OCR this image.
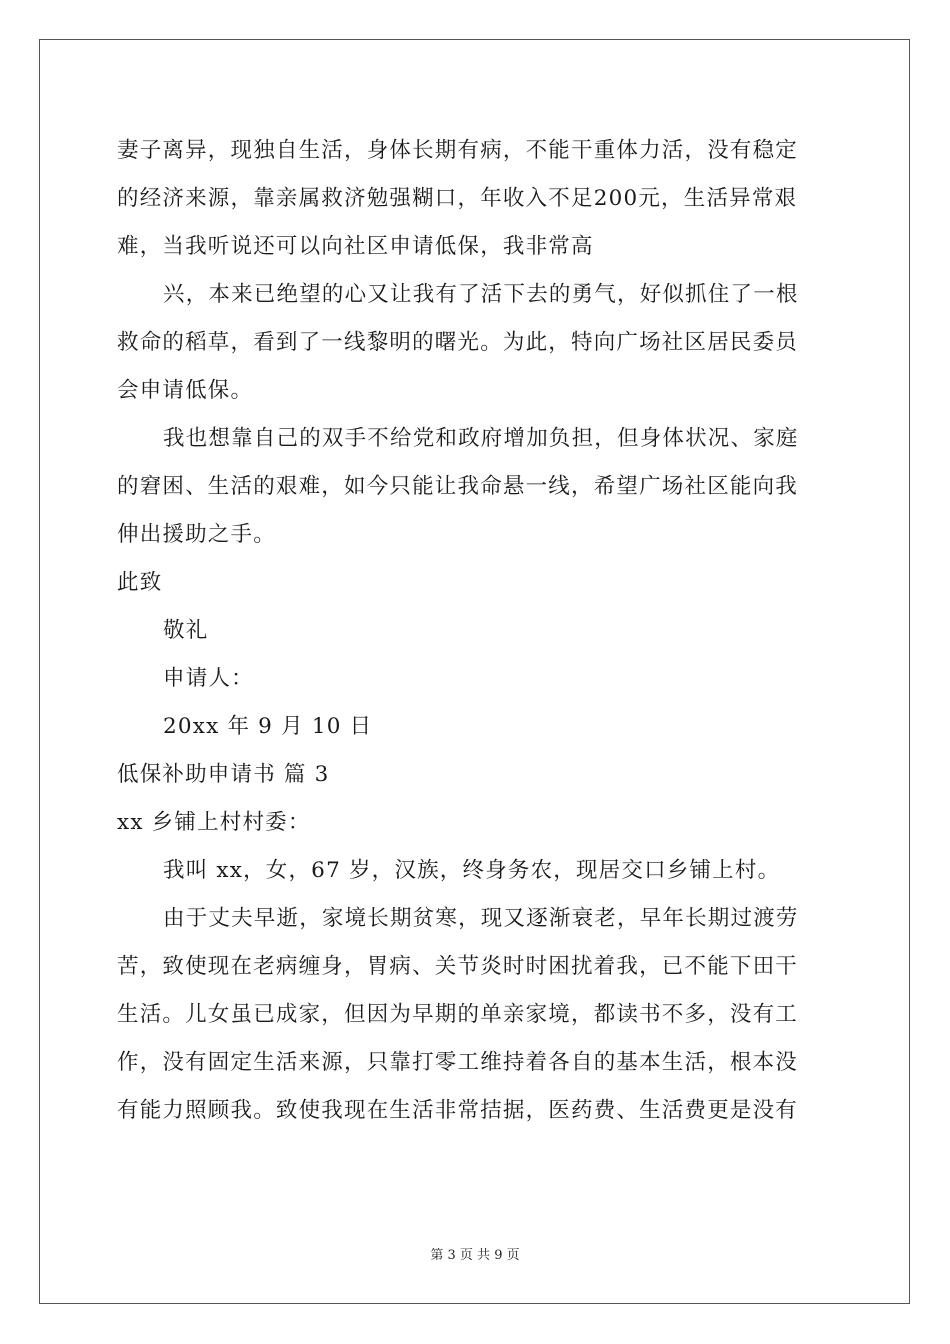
妻子离异，现独自生活，身体长期有病，不能干重体力活，没有稳定
的经济来源，靠亲属救济勉强糊口，年收入不足200元，生活异常艰
难，当我听说还可以向社区申请低保，我非常高
兴，本来已绝望的心又让我有了活下去的勇气，好似抓住了一根
救命的稻草，看到了一线黎明的曙光。为此，特向广场社区居民委员
会申请低保。
我也想靠自己的双手不给党和政府增加负担，但身体状况、家庭
的窘困、生活的艰难，如今只能让我命悬一线，希望广场社区能向我
伸出援助之手。
此致
敬礼
申请人：
20xx 年 9 月 10 日
低保补助申请书 篇 3
xx 乡铺上村村委：
我叫 xx，女，67 岁，汉族，终身务农，现居交口乡铺上村。
由于丈夫早逝，家境长期贫寒，现又逐渐衰老，早年长期过渡劳
苦，致使现在老病缠身，胃病、关节炎时时困扰着我，已不能下田干
生活。儿女虽已成家，但因为早期的单亲家境，都读书不多，没有工
作，没有固定生活来源，只靠打零工维持着各自的基本生活，根本没
有能力照顾我。致使我现在生活非常拮据，医药费、生活费更是没有
第 3 页 共 9 页
